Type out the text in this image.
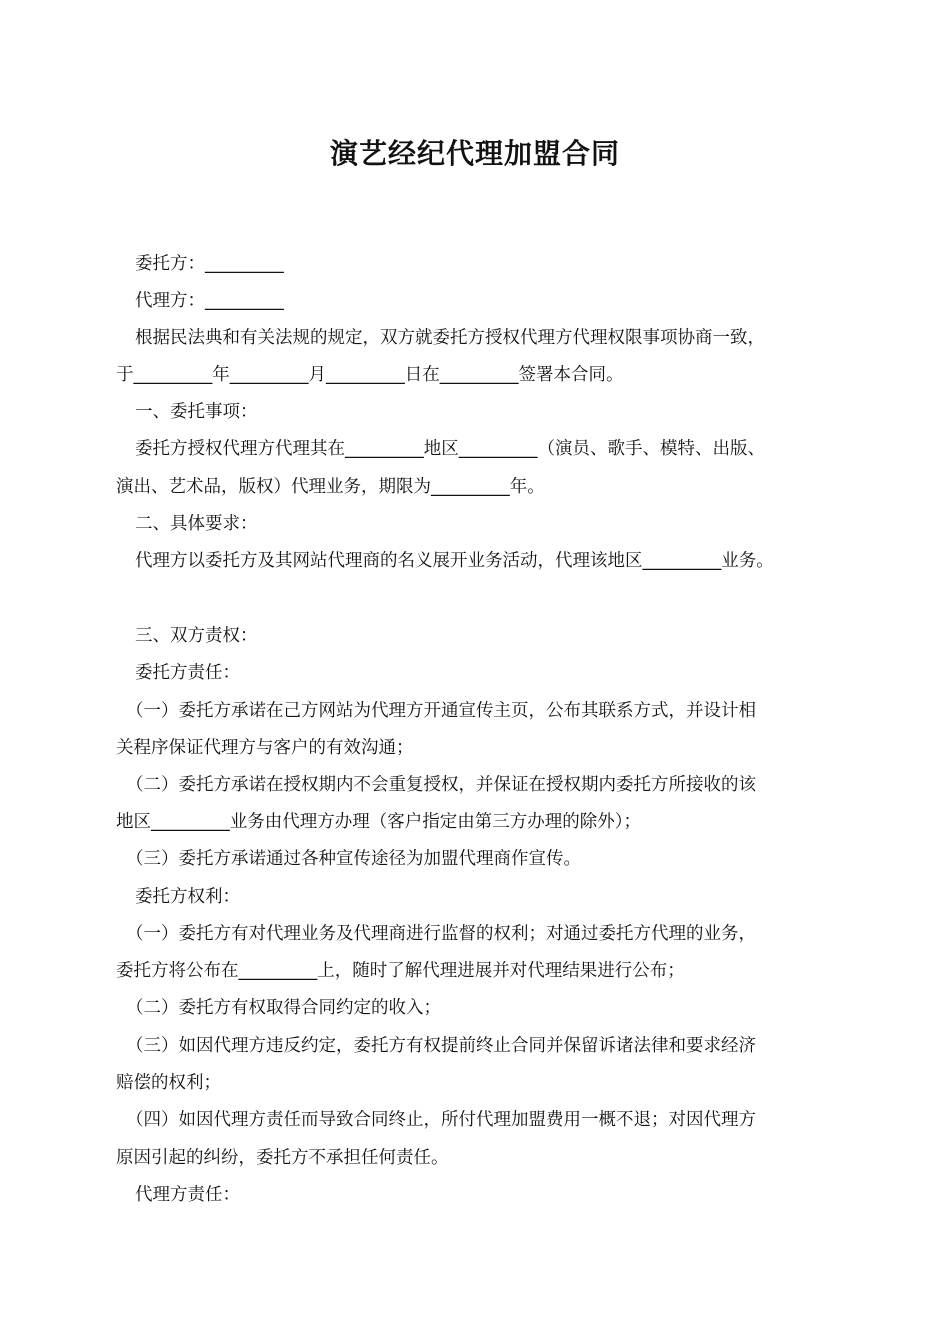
演艺经纪代理加盟合同
委托方：_________
代理方：_________
根据民法典和有关法规的规定，双方就委托方授权代理方代理权限事项协商一致，
于_________年_________月_________日在_________签署本合同。
一、委托事项：
委托方授权代理方代理其在_________地区_________（演员、歌手、模特、出版、
演出、艺术品，版权）代理业务，期限为_________年。
二、具体要求：
代理方以委托方及其网站代理商的名义展开业务活动，代理该地区_________业务。
三、双方责权：
委托方责任：
（一）委托方承诺在己方网站为代理方开通宣传主页，公布其联系方式，并设计相
关程序保证代理方与客户的有效沟通；
（二）委托方承诺在授权期内不会重复授权，并保证在授权期内委托方所接收的该
地区_________业务由代理方办理（客户指定由第三方办理的除外）；
（三）委托方承诺通过各种宣传途径为加盟代理商作宣传。
委托方权利：
（一）委托方有对代理业务及代理商进行监督的权利；对通过委托方代理的业务，
委托方将公布在_________上，随时了解代理进展并对代理结果进行公布；
（二）委托方有权取得合同约定的收入；
（三）如因代理方违反约定，委托方有权提前终止合同并保留诉诸法律和要求经济
赔偿的权利；
（四）如因代理方责任而导致合同终止，所付代理加盟费用一概不退；对因代理方
原因引起的纠纷，委托方不承担任何责任。
代理方责任：
